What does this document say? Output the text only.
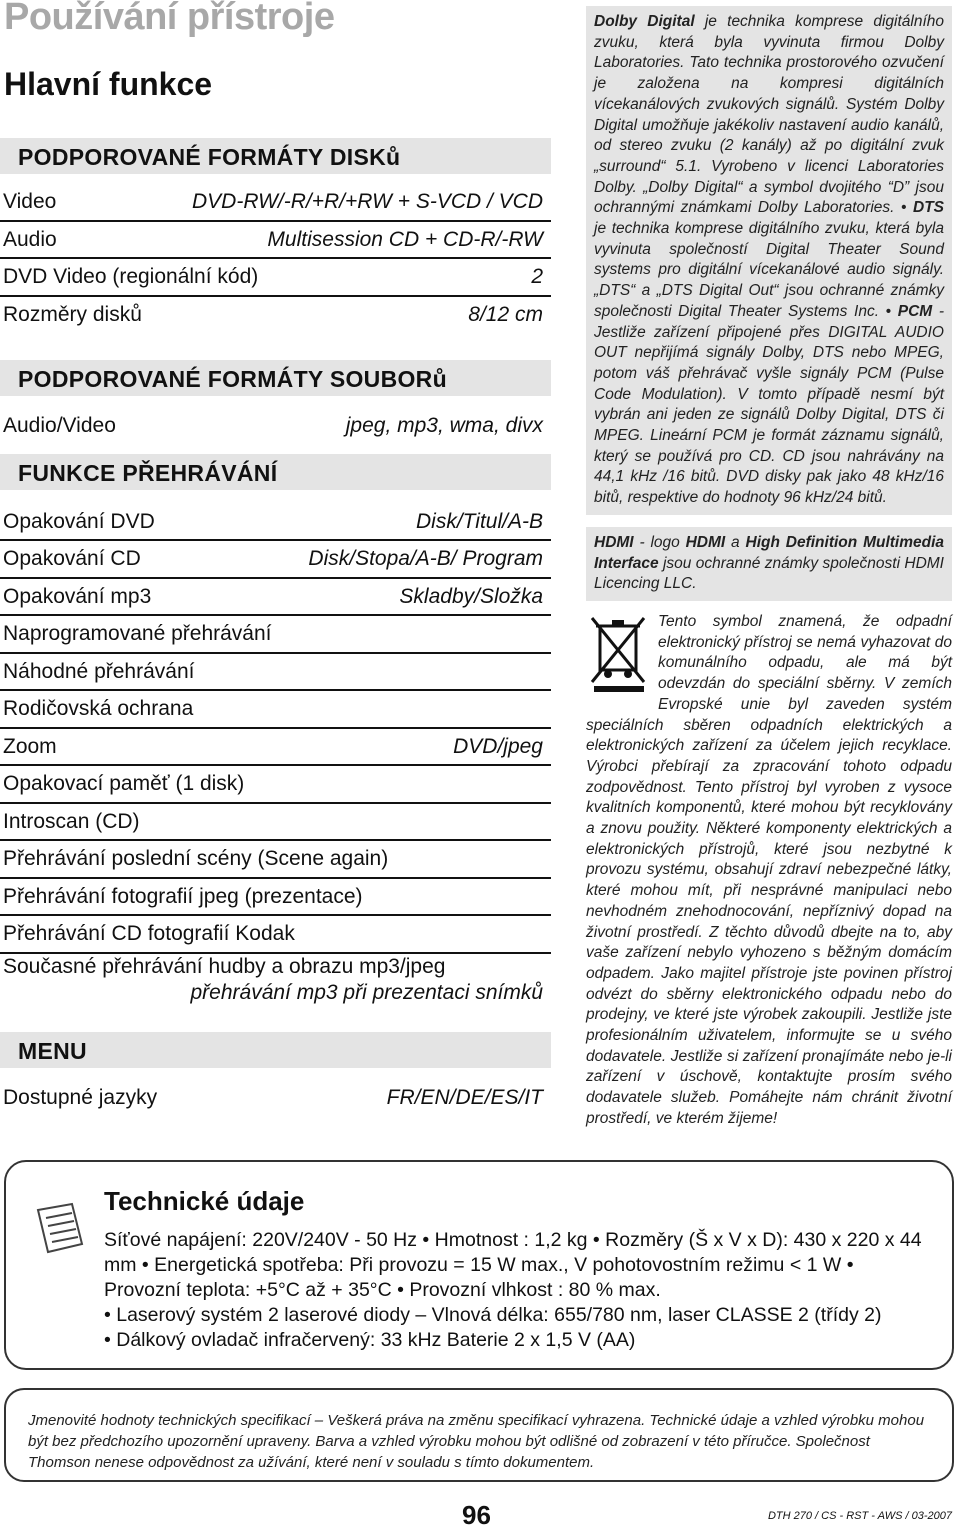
Používání přístroje
Hlavní funkce
PODPOROVANÉ FORMÁTY DISKů
Video	DVD-RW/-R/+R/+RW + S-VCD / VCD
Audio	Multisession CD + CD-R/-RW
DVD Video (regionální kód)	2
Rozměry disků	8/12 cm
PODPOROVANÉ FORMÁTY SOUBORů
Audio/Video	jpeg, mp3, wma, divx
FUNKCE PŘEHRÁVÁNÍ
Opakování DVD	Disk/Titul/A-B
Opakování CD	Disk/Stopa/A-B/ Program
Opakování mp3	Skladby/Složka
Naprogramované přehrávání
Náhodné přehrávání
Rodičovská ochrana
Zoom	DVD/jpeg
Opakovací paměť (1 disk)
Introscan (CD)
Přehrávání poslední scény (Scene again)
Přehrávání fotografií jpeg (prezentace)
Přehrávání CD fotografií Kodak
Současné přehrávání hudby a obrazu mp3/jpeg
přehrávání mp3 při prezentaci snímků
MENU
Dostupné jazyky	FR/EN/DE/ES/IT
Dolby Digital je technika komprese digitálního zvuku, která byla vyvinuta firmou Dolby Laboratories. Tato technika prostorového ozvučení je založena na kompresi digitálních vícekanálových zvukových signálů. Systém Dolby Digital umožňuje jakékoliv nastavení audio kanálů, od stereo zvuku (2 kanály) až po digitální zvuk „surround“ 5.1. Vyrobeno v licenci Laboratories Dolby. „Dolby Digital“ a symbol dvojitého “D” jsou ochrannými známkami Dolby Laboratories. • DTS je technika komprese digitálního zvuku, která byla vyvinuta společností Digital Theater Sound systems pro digitální vícekanálové audio signály. „DTS“ a „DTS Digital Out“ jsou ochranné známky společnosti Digital Theater Systems Inc. • PCM - Jestliže zařízení připojené přes DIGITAL AUDIO OUT nepřijímá signály Dolby, DTS nebo MPEG, potom váš přehrávač vyšle signály PCM (Pulse Code Modulation). V tomto případě nesmí být vybrán ani jeden ze signálů Dolby Digital, DTS či MPEG. Lineární PCM je formát záznamu signálů, který se používá pro CD. CD jsou nahrávány na 44,1 kHz /16 bitů. DVD disky pak jako 48 kHz/16 bitů, respektive do hodnoty 96 kHz/24 bitů.
HDMI - logo HDMI a High Definition Multimedia Interface jsou ochranné známky společnosti HDMI Licencing LLC.
Tento symbol znamená, že odpadní elektronický přístroj se nemá vyhazovat do komunálního odpadu, ale má být odevzdán do speciální sběrny. V zemích Evropské unie byl zaveden systém speciálních sběren odpadních elektrických a elektronických zařízení za účelem jejich recyklace. Výrobci přebírají za zpracování tohoto odpadu zodpovědnost. Tento přístroj byl vyroben z vysoce kvalitních komponentů, které mohou být recyklovány a znovu použity. Některé komponenty elektrických a elektronických přístrojů, které jsou nezbytné k provozu systému, obsahují zdraví nebezpečné látky, které mohou mít, při nesprávné manipulaci nebo nevhodném znehodnocování, nepříznivý dopad na životní prostředí. Z těchto důvodů dbejte na to, aby vaše zařízení nebylo vyhozeno s běžným domácím odpadem. Jako majitel přístroje jste povinen přístroj odvézt do sběrny elektronického odpadu nebo do prodejny, ve které jste výrobek zakoupili. Jestliže jste profesionálním uživatelem, informujte se u svého dodavatele. Jestliže si zařízení pronajímáte nebo je-li zařízení v úschově, kontaktujte prosím svého dodavatele služeb. Pomáhejte nám chránit životní prostředí, ve kterém žijeme!
Technické údaje
Síťové napájení: 220V/240V - 50 Hz • Hmotnost : 1,2 kg • Rozměry (Š x V x D): 430 x 220 x 44 mm • Energetická spotřeba: Při provozu = 15 W max., V pohotovostním režimu < 1 W • Provozní teplota: +5°C až + 35°C • Provozní vlhkost : 80 % max.
• Laserový systém 2 laserové diody – Vlnová délka: 655/780 nm, laser CLASSE 2 (třídy 2)
• Dálkový ovladač infračervený: 33 kHz Baterie 2 x 1,5 V (AA)
Jmenovité hodnoty technických specifikací – Veškerá práva na změnu specifikací vyhrazena. Technické údaje a vzhled výrobku mohou být bez předchozího upozornění upraveny. Barva a vzhled výrobku mohou být odlišné od zobrazení v této příručce. Společnost Thomson nenese odpovědnost za užívání, které není v souladu s tímto dokumentem.
96	DTH 270 / CS - RST - AWS / 03-2007
